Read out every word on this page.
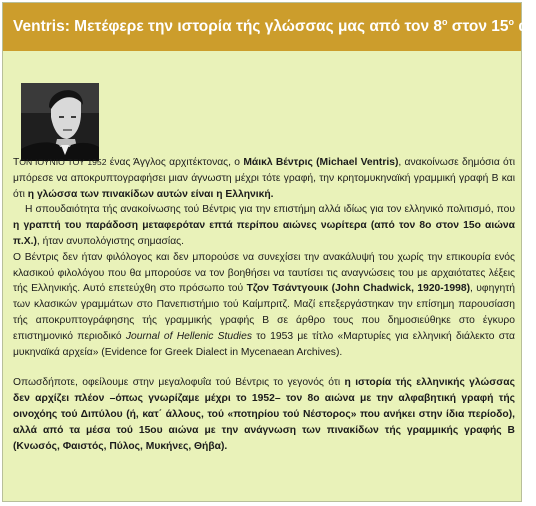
Ventris: Μετέφερε την ιστορία τής γλώσσας μας από τον $8^o$ στον $15^o$ αι.

ΤΟΝ ΙΟΥΝΙΟ ΤΟΥ 1952 ένας Άγγλος αρχιτέκτονας, ο Μάικλ Βέντρις (Michael Ventris), ανακοίνωσε δημόσια ότι μπόρεσε να αποκρυπτογραφήσει μιαν άγνωστη μέχρι τότε γραφή, την κρητομυκηναϊκή γραμμική γραφή Β και ότι η γλώσσα των πινακίδων αυτών είναι η Ελληνική.

Η σπουδαιότητα τής ανακοίνωσης τού Βέντρις για την επιστήμη αλλά ιδίως για τον ελληνικό πολιτισμό, που η γραπτή του παράδοση μεταφερόταν επτά περίπου αιώνες νωρίτερα (από τον 8ο στον 15ο αιώνα π.Χ.), ήταν ανυπολόγιστης σημασίας.

Ο Βέντρις δεν ήταν φιλόλογος και δεν μπορούσε να συνεχίσει την ανακάλυψή του χωρίς την επικουρία ενός κλασικού φιλολόγου που θα μπορούσε να τον βοηθήσει να ταυτίσει τις αναγνώσεις του με αρχαιότατες λέξεις τής Ελληνικής. Αυτό επετεύχθη στο πρόσωπο τού Τζον Τσάντγουικ (John Chadwick, 1920-1998), υφηγητή των κλασικών γραμμάτων στο Πανεπιστήμιο τού Καίμπριτζ. Μαζί επεξεργάστηκαν την επίσημη παρουσίαση τής αποκρυπτογράφησης τής γραμμικής γραφής Β σε άρθρο τους που δημοσιεύθηκε στο έγκυρο επιστημονικό περιοδικό Journal of Hellenic Studies το 1953 με τίτλο «Μαρτυρίες για ελληνική διάλεκτο στα μυκηναϊκά αρχεία» (Evidence for Greek Dialect in Mycenaean Archives).

Οπωσδήποτε, οφείλουμε στην μεγαλοφυΐα τού Βέντρις το γεγονός ότι η ιστορία τής ελληνικής γλώσσας δεν αρχίζει πλέον –όπως γνωρίζαμε μέχρι το 1952– τον 8ο αιώνα με την αλφαβητική γραφή τής οινοχόης τού Διπύλου (ή, κατ΄ άλλους, τού «ποτηρίου τού Νέστορος» που ανήκει στην ίδια περίοδο), αλλά από τα μέσα τού 15ου αιώνα με την ανάγνωση των πινακίδων τής γραμμικής γραφής Β (Κνωσός, Φαιστός, Πύλος, Μυκήνες, Θήβα).
